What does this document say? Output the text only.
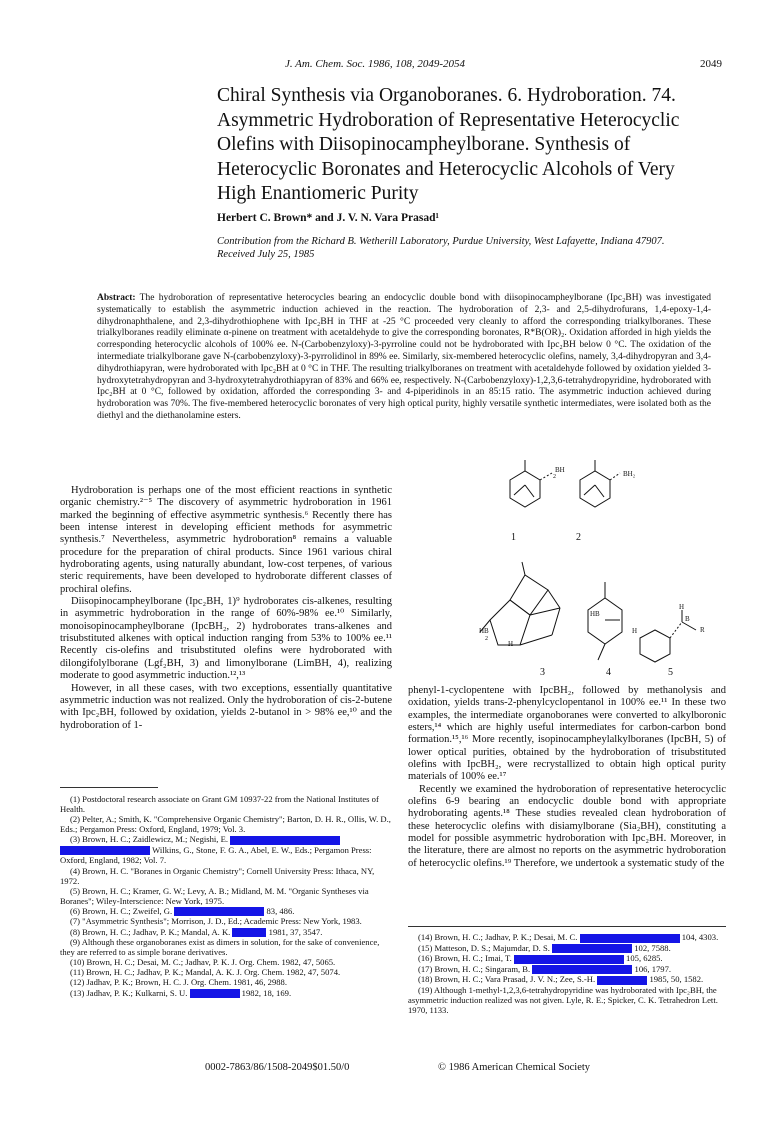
J. Am. Chem. Soc. 1986, 108, 2049-2054	2049
Chiral Synthesis via Organoboranes. 6. Hydroboration. 74. Asymmetric Hydroboration of Representative Heterocyclic Olefins with Diisopinocampheylborane. Synthesis of Heterocyclic Boronates and Heterocyclic Alcohols of Very High Enantiomeric Purity
Herbert C. Brown* and J. V. N. Vara Prasad¹
Contribution from the Richard B. Wetherill Laboratory, Purdue University, West Lafayette, Indiana 47907. Received July 25, 1985
Abstract: The hydroboration of representative heterocycles bearing an endocyclic double bond with diisopinocampheylborane (Ipc₂BH) was investigated systematically to establish the asymmetric induction achieved in the reaction. The hydroboration of 2,3- and 2,5-dihydrofurans, 1,4-epoxy-1,4-dihydronaphthalene, and 2,3-dihydrothiophene with Ipc₂BH in THF at -25 °C proceeded very cleanly to afford the corresponding trialkylboranes. These trialkylboranes readily eliminate α-pinene on treatment with acetaldehyde to give the corresponding boronates, R*B(OR)₂. Oxidation afforded in high yields the corresponding heterocyclic alcohols of 100% ee. N-(Carbobenzyloxy)-3-pyrroline could not be hydroborated with Ipc₂BH below 0 °C. The oxidation of the intermediate trialkylborane gave N-(carbobenzyloxy)-3-pyrrolidinol in 89% ee. Similarly, six-membered heterocyclic olefins, namely, 3,4-dihydropyran and 3,4-dihydrothiapyran, were hydroborated with Ipc₂BH at 0 °C in THF. The resulting trialkylboranes on treatment with acetaldehyde followed by oxidation yielded 3-hydroxytetrahydropyran and 3-hydroxytetrahydrothiapyran of 83% and 66% ee, respectively. N-(Carbobenzyloxy)-1,2,3,6-tetrahydropyridine, hydroborated with Ipc₂BH at 0 °C, followed by oxidation, afforded the corresponding 3- and 4-piperidinols in an 85:15 ratio. The asymmetric induction achieved during hydroboration was 70%. The five-membered heterocyclic boronates of very high optical purity, highly versatile synthetic intermediates, were isolated both as the diethyl and the diethanolamine esters.

Hydroboration is perhaps one of the most efficient reactions in synthetic organic chemistry.²⁻⁵ The discovery of asymmetric hydroboration in 1961 marked the beginning of effective asymmetric synthesis.⁶ Recently there has been intense interest in developing efficient methods for asymmetric synthesis.⁷ Nevertheless, asymmetric hydroboration⁸ remains a valuable procedure for the preparation of chiral products. Since 1961 various chiral hydroborating agents, using naturally abundant, low-cost terpenes, of various steric requirements, have been developed to hydroborate different classes of prochiral olefins.

Diisopinocampheylborane (Ipc₂BH, 1)⁹ hydroborates cis-alkenes, resulting in asymmetric hydroboration in the range of 60%-98% ee.¹⁰ Similarly, monoisopinocampheylborane (IpcBH₂, 2) hydroborates trans-alkenes and trisubstituted alkenes with optical induction ranging from 53% to 100% ee.¹¹ Recently cis-olefins and trisubstituted olefins were hydroborated with dilongifolylborane (Lgf₂BH, 3) and limonylborane (LimBH, 4), realizing moderate to good asymmetric induction.¹²,¹³

However, in all these cases, with two exceptions, essentially quantitative asymmetric induction was not realized. Only the hydroboration of cis-2-butene with Ipc₂BH, followed by oxidation, yields 2-butanol in > 98% ee,¹⁰ and the hydroboration of 1-

(1) Postdoctoral research associate on Grant GM 10937-22 from the National Institutes of Health.

(2) Pelter, A.; Smith, K. "Comprehensive Organic Chemistry"; Barton, D. H. R., Ollis, W. D., Eds.; Pergamon Press: Oxford, England, 1979; Vol. 3.

(3) Brown, H. C.; Zaidlewicz, M.; Negishi, E.

Wilkins, G., Stone, F. G. A., Abel, E. W., Eds.; Pergamon Press: Oxford, England, 1982; Vol. 7.

(4) Brown, H. C. "Boranes in Organic Chemistry"; Cornell University Press: Ithaca, NY, 1972.

(5) Brown, H. C.; Kramer, G. W.; Levy, A. B.; Midland, M. M. "Organic Syntheses via Boranes"; Wiley-Interscience: New York, 1975.

(6) Brown, H. C.; Zweifel, G.	83, 486.

(7) "Asymmetric Synthesis"; Morrison, J. D., Ed.; Academic Press: New York, 1983.

(8) Brown, H. C.; Jadhav, P. K.; Mandal, A. K.	1981, 37, 3547.

(9) Although these organoboranes exist as dimers in solution, for the sake of convenience, they are referred to as simple borane derivatives.

(10) Brown, H. C.; Desai, M. C.; Jadhav, P. K. J. Org. Chem. 1982, 47, 5065.

(11) Brown, H. C.; Jadhav, P. K.; Mandal, A. K. J. Org. Chem. 1982, 47, 5074.

(12) Jadhav, P. K.; Brown, H. C. J. Org. Chem. 1981, 46, 2988.

(13) Jadhav, P. K.; Kulkarni, S. U.	1982, 18, 169.

BH
2	BH₂
1	2
HB
2
HB
H
H
H
B
R
3	4	5

phenyl-1-cyclopentene with IpcBH₂, followed by methanolysis and oxidation, yields trans-2-phenylcyclopentanol in 100% ee.¹¹ In these two examples, the intermediate organoboranes were converted to alkylboronic esters,¹⁴ which are highly useful intermediates for carbon-carbon bond formation.¹⁵,¹⁶ More recently, isopinocampheylalkylboranes (IpcBH, 5) of lower optical purities, obtained by the hydroboration of trisubstituted olefins with IpcBH₂, were recrystallized to obtain high optical purity materials of 100% ee.¹⁷

Recently we examined the hydroboration of representative heterocyclic olefins 6-9 bearing an endocyclic double bond with appropriate hydroborating agents.¹⁸ These studies revealed clean hydroboration of these heterocyclic olefins with disiamylborane (Sia₂BH), constituting a model for possible asymmetric hydroboration with Ipc₂BH. Moreover, in the literature, there are almost no reports on the asymmetric hydroboration of heterocyclic olefins.¹⁹ Therefore, we undertook a systematic study of the

(14) Brown, H. C.; Jadhav, P. K.; Desai, M. C.	104, 4303.

(15) Matteson, D. S.; Majumdar, D. S.	102, 7588.

(16) Brown, H. C.; Imai, T.	105, 6285.

(17) Brown, H. C.; Singaram, B.	106, 1797.

(18) Brown, H. C.; Vara Prasad, J. V. N.; Zee, S.-H.	1985, 50, 1582.

(19) Although 1-methyl-1,2,3,6-tetrahydropyridine was hydroborated with Ipc₂BH, the asymmetric induction realized was not given. Lyle, R. E.; Spicker, C. K. Tetrahedron Lett. 1970, 1133.

0002-7863/86/1508-2049$01.50/0	© 1986 American Chemical Society
